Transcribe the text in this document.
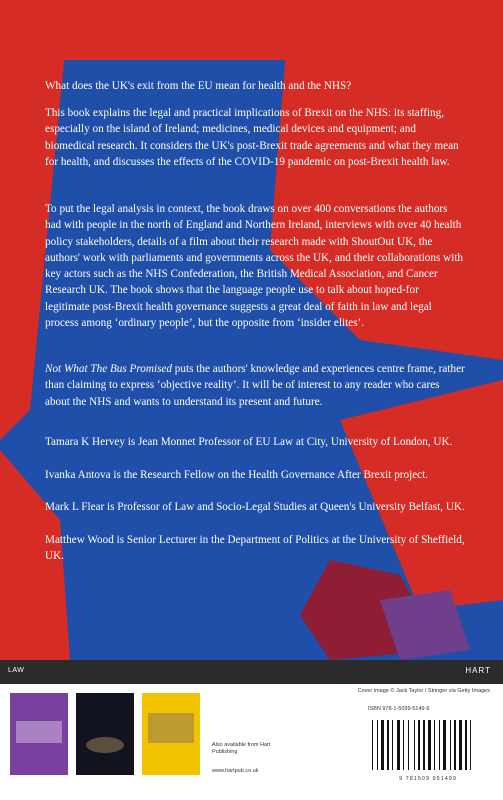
What does the UK's exit from the EU mean for health and the NHS?

This book explains the legal and practical implications of Brexit on the NHS: its staffing, especially on the island of Ireland; medicines, medical devices and equipment; and biomedical research. It considers the UK's post-Brexit trade agreements and what they mean for health, and discusses the effects of the COVID-19 pandemic on post-Brexit health law.

To put the legal analysis in context, the book draws on over 400 conversations the authors had with people in the north of England and Northern Ireland, interviews with over 40 health policy stakeholders, details of a film about their research made with ShoutOut UK, the authors' work with parliaments and governments across the UK, and their collaborations with key actors such as the NHS Confederation, the British Medical Association, and Cancer Research UK. The book shows that the language people use to talk about hoped-for legitimate post-Brexit health governance suggests a great deal of faith in law and legal process among ‘ordinary people’, but the opposite from ‘insider elites’.

Not What The Bus Promised puts the authors' knowledge and experiences centre frame, rather than claiming to express ‘objective reality’. It will be of interest to any reader who cares about the NHS and wants to understand its present and future.

Tamara K Hervey is Jean Monnet Professor of EU Law at City, University of London, UK.

Ivanka Antova is the Research Fellow on the Health Governance After Brexit project.

Mark L Flear is Professor of Law and Socio-Legal Studies at Queen's University Belfast, UK.

Matthew Wood is Senior Lecturer in the Department of Politics at the University of Sheffield, UK.

LAW	HART
Also available from Hart Publishing
www.hartpub.co.uk
Cover image © Jack Taylor / Stringer via Getty Images
ISBN 978-1-5099-5149-9
9 781509 951499
